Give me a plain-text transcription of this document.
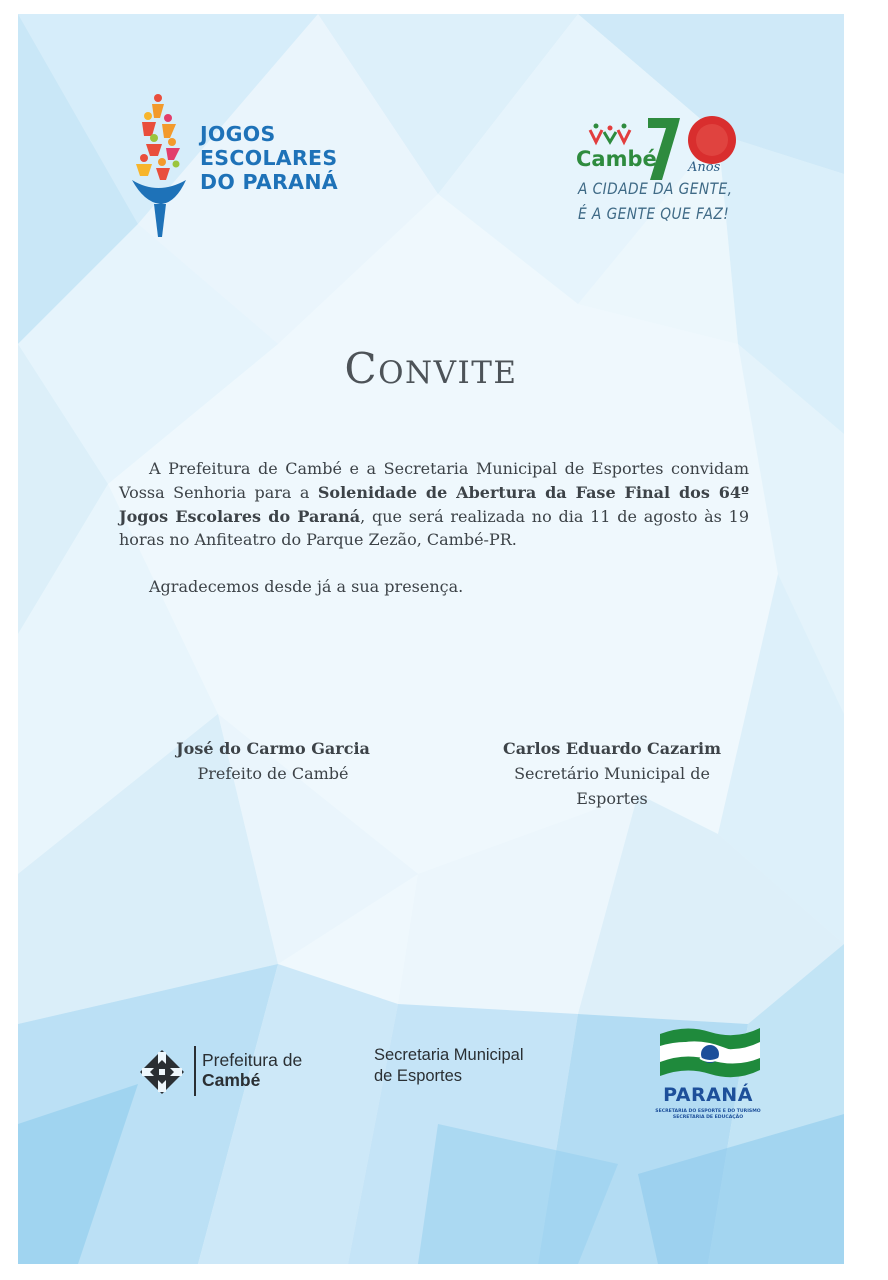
JOGOS
ESCOLARES
DO PARANÁ
Cambé Anos
A CIDADE DA GENTE,
É A GENTE QUE FAZ!
CONVITE
A Prefeitura de Cambé e a Secretaria Municipal de Esportes convidam Vossa Senhoria para a Solenidade de Abertura da Fase Final dos 64º Jogos Escolares do Paraná, que será realizada no dia 11 de agosto às 19 horas no Anfiteatro do Parque Zezão, Cambé-PR.
Agradecemos desde já a sua presença.
José do Carmo Garcia
Prefeito de Cambé
Carlos Eduardo Cazarim
Secretário Municipal de
Esportes
Prefeitura de
Cambé
Secretaria Municipal
de Esportes
PARANÁ
SECRETARIA DO ESPORTE E DO TURISMO
SECRETARIA DE EDUCAÇÃO
